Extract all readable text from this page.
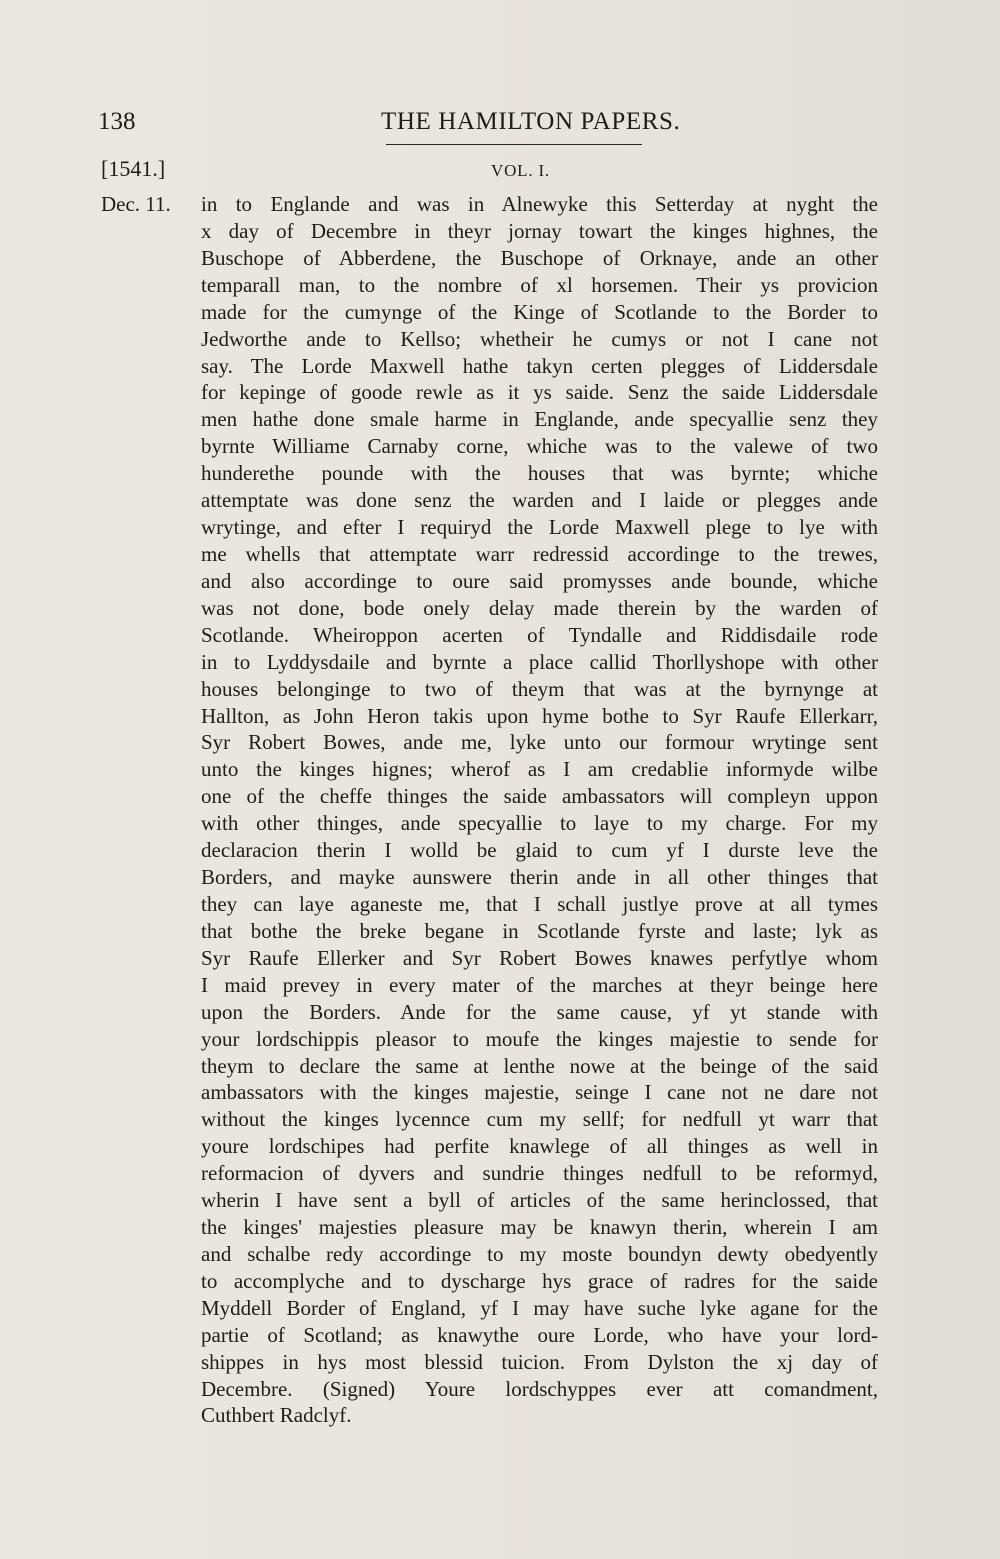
138	THE HAMILTON PAPERS.
[1541.]	VOL. I.
Dec. 11. in to Englande and was in Alnewyke this Setterday at nyght the
x day of Decembre in theyr jornay towart the kinges highnes, the
Buschope of Abberdene, the Buschope of Orknaye, ande an other
temparall man, to the nombre of xl horsemen. Their ys provicion
made for the cumynge of the Kinge of Scotlande to the Border to
Jedworthe ande to Kellso; whetheir he cumys or not I cane not
say. The Lorde Maxwell hathe takyn certen plegges of Liddersdale
for kepinge of goode rewle as it ys saide. Senz the saide Liddersdale
men hathe done smale harme in Englande, ande specyallie senz they
byrnte Williame Carnaby corne, whiche was to the valewe of two
hunderethe pounde with the houses that was byrnte; whiche
attemptate was done senz the warden and I laide or plegges ande
wrytinge, and efter I requiryd the Lorde Maxwell plege to lye with
me whells that attemptate warr redressid accordinge to the trewes,
and also accordinge to oure said promysses ande bounde, whiche
was not done, bode onely delay made therein by the warden of
Scotlande. Wheiroppon acerten of Tyndalle and Riddisdaile rode
in to Lyddysdaile and byrnte a place callid Thorllyshope with other
houses belonginge to two of theym that was at the byrnynge at
Hallton, as John Heron takis upon hyme bothe to Syr Raufe Ellerkarr,
Syr Robert Bowes, ande me, lyke unto our formour wrytinge sent
unto the kinges hignes; wherof as I am credablie informyde wilbe
one of the cheffe thinges the saide ambassators will compleyn uppon
with other thinges, ande specyallie to laye to my charge. For my
declaracion therin I wolld be glaid to cum yf I durste leve the
Borders, and mayke aunswere therin ande in all other thinges that
they can laye aganeste me, that I schall justlye prove at all tymes
that bothe the breke begane in Scotlande fyrste and laste; lyk as
Syr Raufe Ellerker and Syr Robert Bowes knawes perfytlye whom
I maid prevey in every mater of the marches at theyr beinge here
upon the Borders. Ande for the same cause, yf yt stande with
your lordschippis pleasor to moufe the kinges majestie to sende for
theym to declare the same at lenthe nowe at the beinge of the said
ambassators with the kinges majestie, seinge I cane not ne dare not
without the kinges lycennce cum my sellf; for nedfull yt warr that
youre lordschipes had perfite knawlege of all thinges as well in
reformacion of dyvers and sundrie thinges nedfull to be reformyd,
wherin I have sent a byll of articles of the same herinclossed, that
the kinges' majesties pleasure may be knawyn therin, wherein I am
and schalbe redy accordinge to my moste boundyn dewty obedyently
to accomplyche and to dyscharge hys grace of radres for the saide
Myddell Border of England, yf I may have suche lyke agane for the
partie of Scotland; as knawythe oure Lorde, who have your lord-
shippes in hys most blessid tuicion. From Dylston the xj day of
Decembre. (Signed) Youre lordschyppes ever att comandment,
Cuthbert Radclyf.
